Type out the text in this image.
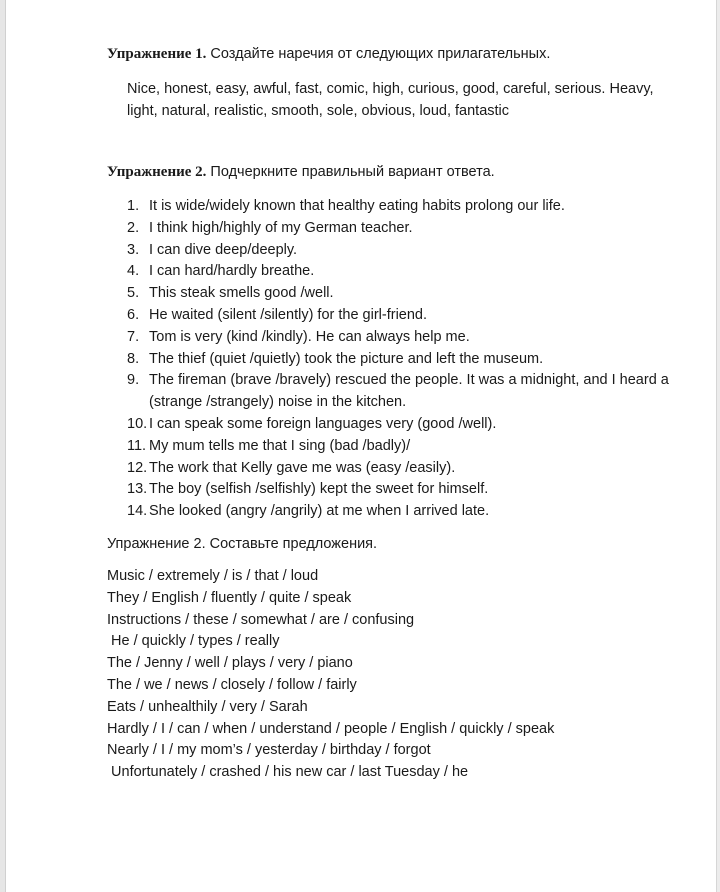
Упражнение 1. Создайте наречия от следующих прилагательных.
Nice, honest, easy, awful, fast, comic, high, curious, good, careful, serious. Heavy,
light, natural, realistic, smooth, sole, obvious, loud, fantastic
Упражнение 2. Подчеркните правильный вариант ответа.
1. It is wide/widely known that healthy eating habits prolong our life.
2. I think high/highly of my German teacher.
3. I can dive deep/deeply.
4. I can hard/hardly breathe.
5. This steak smells good /well.
6. He waited (silent /silently) for the girl-friend.
7. Tom is very (kind /kindly). He can always help me.
8. The thief (quiet /quietly) took the picture and left the museum.
9. The fireman (brave /bravely) rescued the people. It was a midnight, and I heard a (strange /strangely) noise in the kitchen.
10. I can speak some foreign languages very (good /well).
11. My mum tells me that I sing (bad /badly)/
12. The work that Kelly gave me was (easy /easily).
13. The boy (selfish /selfishly) kept the sweet for himself.
14. She looked (angry /angrily) at me when I arrived late.
Упражнение 2. Составьте предложения.
Music / extremely / is / that / loud
They / English / fluently / quite / speak
Instructions / these / somewhat / are / confusing
He / quickly / types / really
The / Jenny / well / plays / very / piano
The / we / news / closely / follow / fairly
Eats / unhealthily / very / Sarah
Hardly / I / can / when / understand / people / English / quickly / speak
Nearly / I / my mom’s / yesterday / birthday / forgot
Unfortunately / crashed / his new car / last Tuesday / he
